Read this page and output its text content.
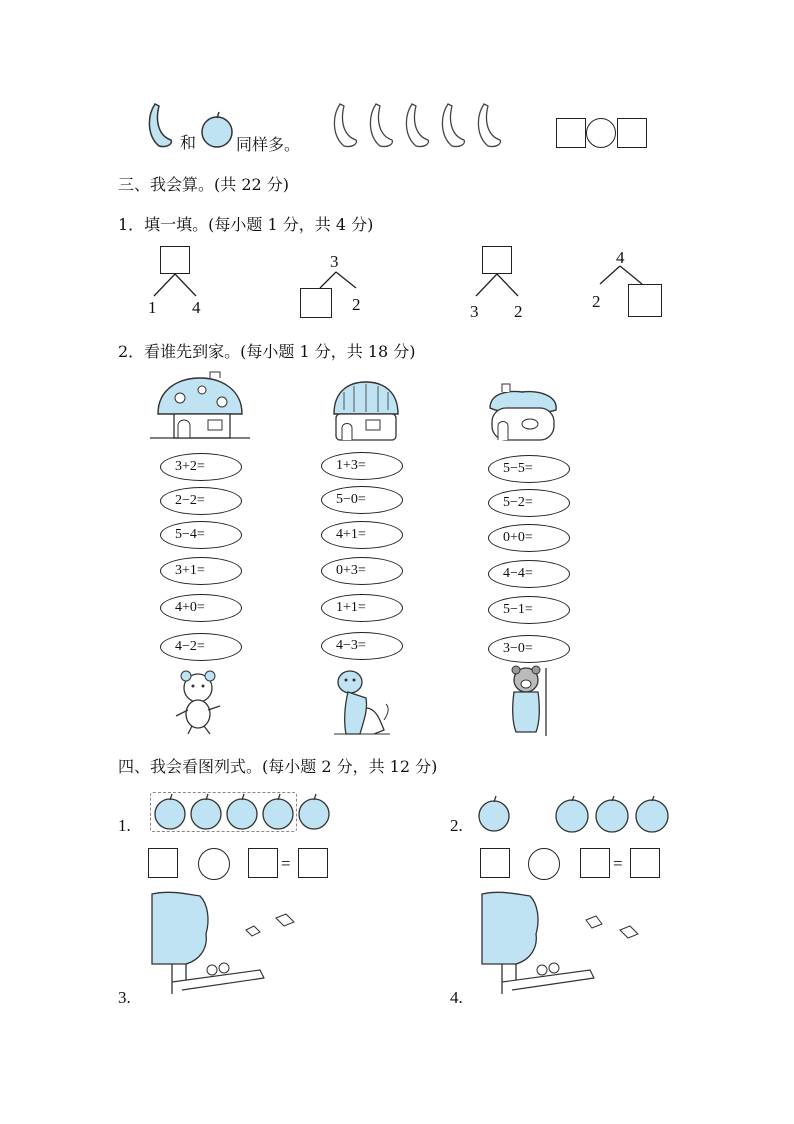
和 同样多。
三、我会算。(共 22 分)
1．填一填。(每小题 1 分，共 4 分)
1 4
3
2	3 2
4
2
2．看谁先到家。(每小题 1 分，共 18 分)
3+2=
2−2=
5−4=
3+1=
4+0=
4−2=
1+3=
5−0=
4+1=
0+3=
1+1=
4−3=
5−5=
5−2=
0+0=
4−4=
5−1=
3−0=
四、我会看图列式。(每小题 2 分，共 12 分)
1.
=
2.
=
3.	4.
